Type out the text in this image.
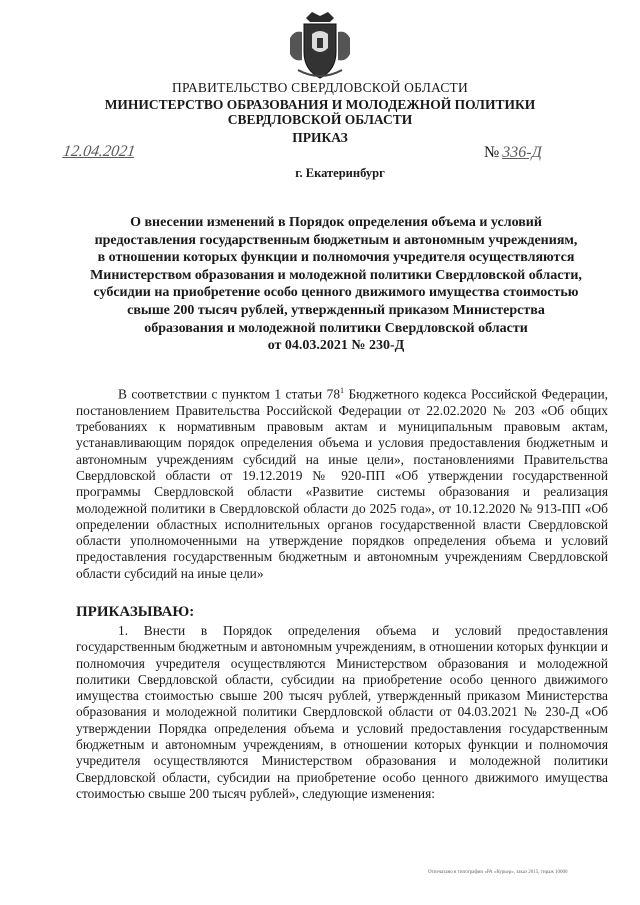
ПРАВИТЕЛЬСТВО СВЕРДЛОВСКОЙ ОБЛАСТИ
МИНИСТЕРСТВО ОБРАЗОВАНИЯ И МОЛОДЕЖНОЙ ПОЛИТИКИ
СВЕРДЛОВСКОЙ ОБЛАСТИ
ПРИКАЗ
12.04.2021	№ 336-Д
г. Екатеринбург
О внесении изменений в Порядок определения объема и условий
предоставления государственным бюджетным и автономным учреждениям,
в отношении которых функции и полномочия учредителя осуществляются
Министерством образования и молодежной политики Свердловской области,
субсидии на приобретение особо ценного движимого имущества стоимостью
свыше 200 тысяч рублей, утвержденный приказом Министерства
образования и молодежной политики Свердловской области
от 04.03.2021 № 230-Д
В соответствии с пунктом 1 статьи $78^1$ Бюджетного кодекса Российской Федерации, постановлением Правительства Российской Федерации от 22.02.2020 № 203 «Об общих требованиях к нормативным правовым актам и муниципальным правовым актам, устанавливающим порядок определения объема и условия предоставления бюджетным и автономным учреждениям субсидий на иные цели», постановлениями Правительства Свердловской области от 19.12.2019 № 920-ПП «Об утверждении государственной программы Свердловской области «Развитие системы образования и реализация молодежной политики в Свердловской области до 2025 года», от 10.12.2020 № 913-ПП «Об определении областных исполнительных органов государственной власти Свердловской области уполномоченными на утверждение порядков определения объема и условий предоставления государственным бюджетным и автономным учреждениям Свердловской области субсидий на иные цели»
ПРИКАЗЫВАЮ:
1. Внести в Порядок определения объема и условий предоставления государственным бюджетным и автономным учреждениям, в отношении которых функции и полномочия учредителя осуществляются Министерством образования и молодежной политики Свердловской области, субсидии на приобретение особо ценного движимого имущества стоимостью свыше 200 тысяч рублей, утвержденный приказом Министерства образования и молодежной политики Свердловской области от 04.03.2021 № 230-Д «Об утверждении Порядка определения объема и условий предоставления государственным бюджетным и автономным учреждениям, в отношении которых функции и полномочия учредителя осуществляются Министерством образования и молодежной политики Свердловской области, субсидии на приобретение особо ценного движимого имущества стоимостью свыше 200 тысяч рублей», следующие изменения:
Отпечатано в типографии «РА «Курьер», заказ 2015, тираж 10000
